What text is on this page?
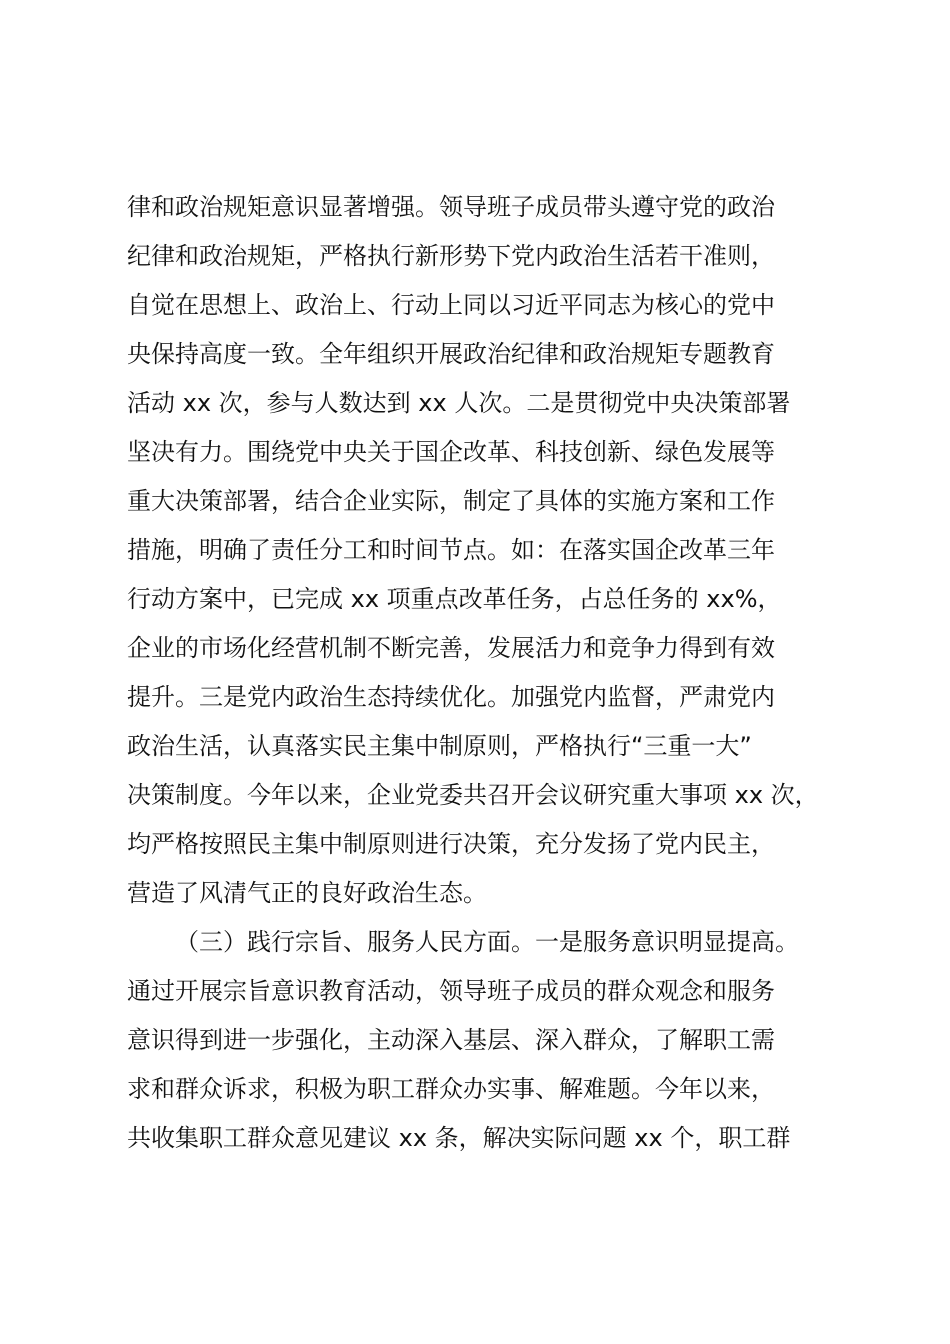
律和政治规矩意识显著增强。领导班子成员带头遵守党的政治
纪律和政治规矩，严格执行新形势下党内政治生活若干准则，
自觉在思想上、政治上、行动上同以习近平同志为核心的党中
央保持高度一致。全年组织开展政治纪律和政治规矩专题教育
活动 xx 次，参与人数达到 xx 人次。二是贯彻党中央决策部署
坚决有力。围绕党中央关于国企改革、科技创新、绿色发展等
重大决策部署，结合企业实际，制定了具体的实施方案和工作
措施，明确了责任分工和时间节点。如：在落实国企改革三年
行动方案中，已完成 xx 项重点改革任务，占总任务的 xx%，
企业的市场化经营机制不断完善，发展活力和竞争力得到有效
提升。三是党内政治生态持续优化。加强党内监督，严肃党内
政治生活，认真落实民主集中制原则，严格执行“三重一大”
决策制度。今年以来，企业党委共召开会议研究重大事项 xx 次，
均严格按照民主集中制原则进行决策，充分发扬了党内民主，
营造了风清气正的良好政治生态。
（三）践行宗旨、服务人民方面。一是服务意识明显提高。
通过开展宗旨意识教育活动，领导班子成员的群众观念和服务
意识得到进一步强化，主动深入基层、深入群众，了解职工需
求和群众诉求，积极为职工群众办实事、解难题。今年以来，
共收集职工群众意见建议 xx 条，解决实际问题 xx 个，职工群
